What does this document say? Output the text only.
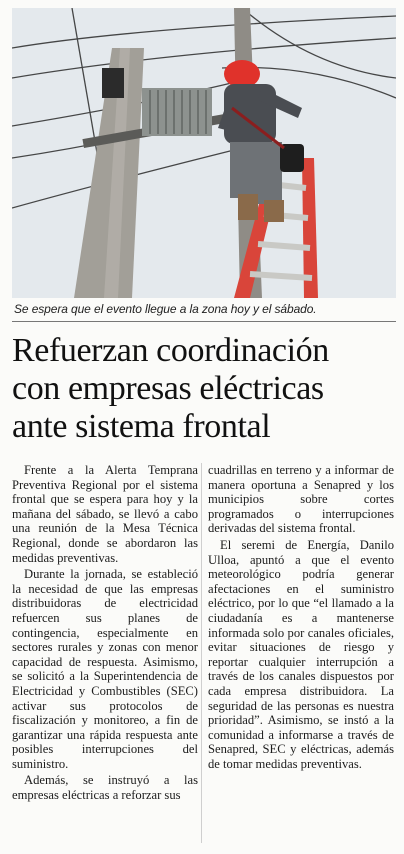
Se espera que el evento llegue a la zona hoy y el sábado.
Refuerzan coordinación
con empresas eléctricas
ante sistema frontal

Frente a la Alerta Temprana Preventiva Regional por el sistema frontal que se espera para hoy y la mañana del sábado, se llevó a cabo una reunión de la Mesa Técnica Regional, donde se abordaron las medidas preventivas.

Durante la jornada, se estableció la necesidad de que las empresas distribuidoras de electricidad refuercen sus planes de contingencia, especialmente en sectores rurales y zonas con menor capacidad de respuesta. Asimismo, se solicitó a la Superintendencia de Electricidad y Combustibles (SEC) activar sus protocolos de fiscalización y monitoreo, a fin de garantizar una rápida respuesta ante posibles interrupciones del suministro.

Además, se instruyó a las empresas eléctricas a reforzar sus

cuadrillas en terreno y a informar de manera oportuna a Senapred y los municipios sobre cortes programados o interrupciones derivadas del sistema frontal.

El seremi de Energía, Danilo Ulloa, apuntó a que el evento meteorológico podría generar afectaciones en el suministro eléctrico, por lo que “el llamado a la ciudadanía es a mantenerse informada solo por canales oficiales, evitar situaciones de riesgo y reportar cualquier interrupción a través de los canales dispuestos por cada empresa distribuidora. La seguridad de las personas es nuestra prioridad”. Asimismo, se instó a la comunidad a informarse a través de Senapred, SEC y eléctricas, además de tomar medidas preventivas.
